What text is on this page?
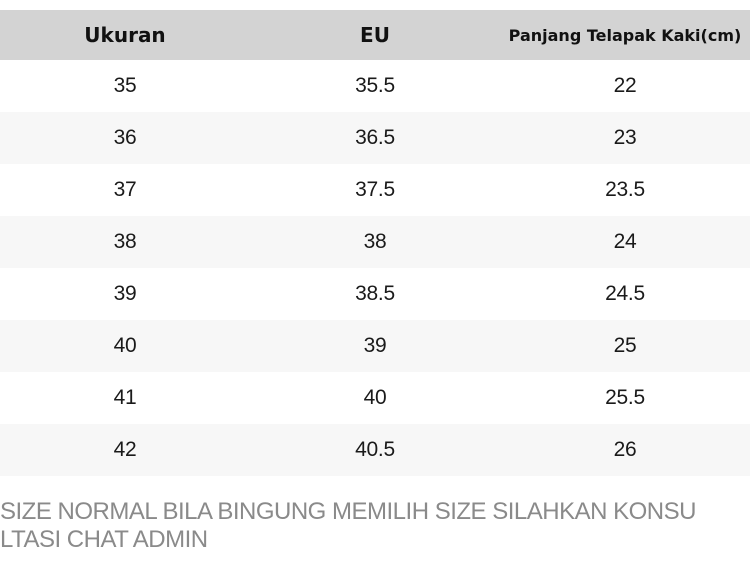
Ukuran	EU	Panjang Telapak Kaki(cm)
35	35.5	22
36	36.5	23
37	37.5	23.5
38	38	24
39	38.5	24.5
40	39	25
41	40	25.5
42	40.5	26
SIZE NORMAL BILA BINGUNG MEMILIH SIZE SILAHKAN KONSU
LTASI CHAT ADMIN
